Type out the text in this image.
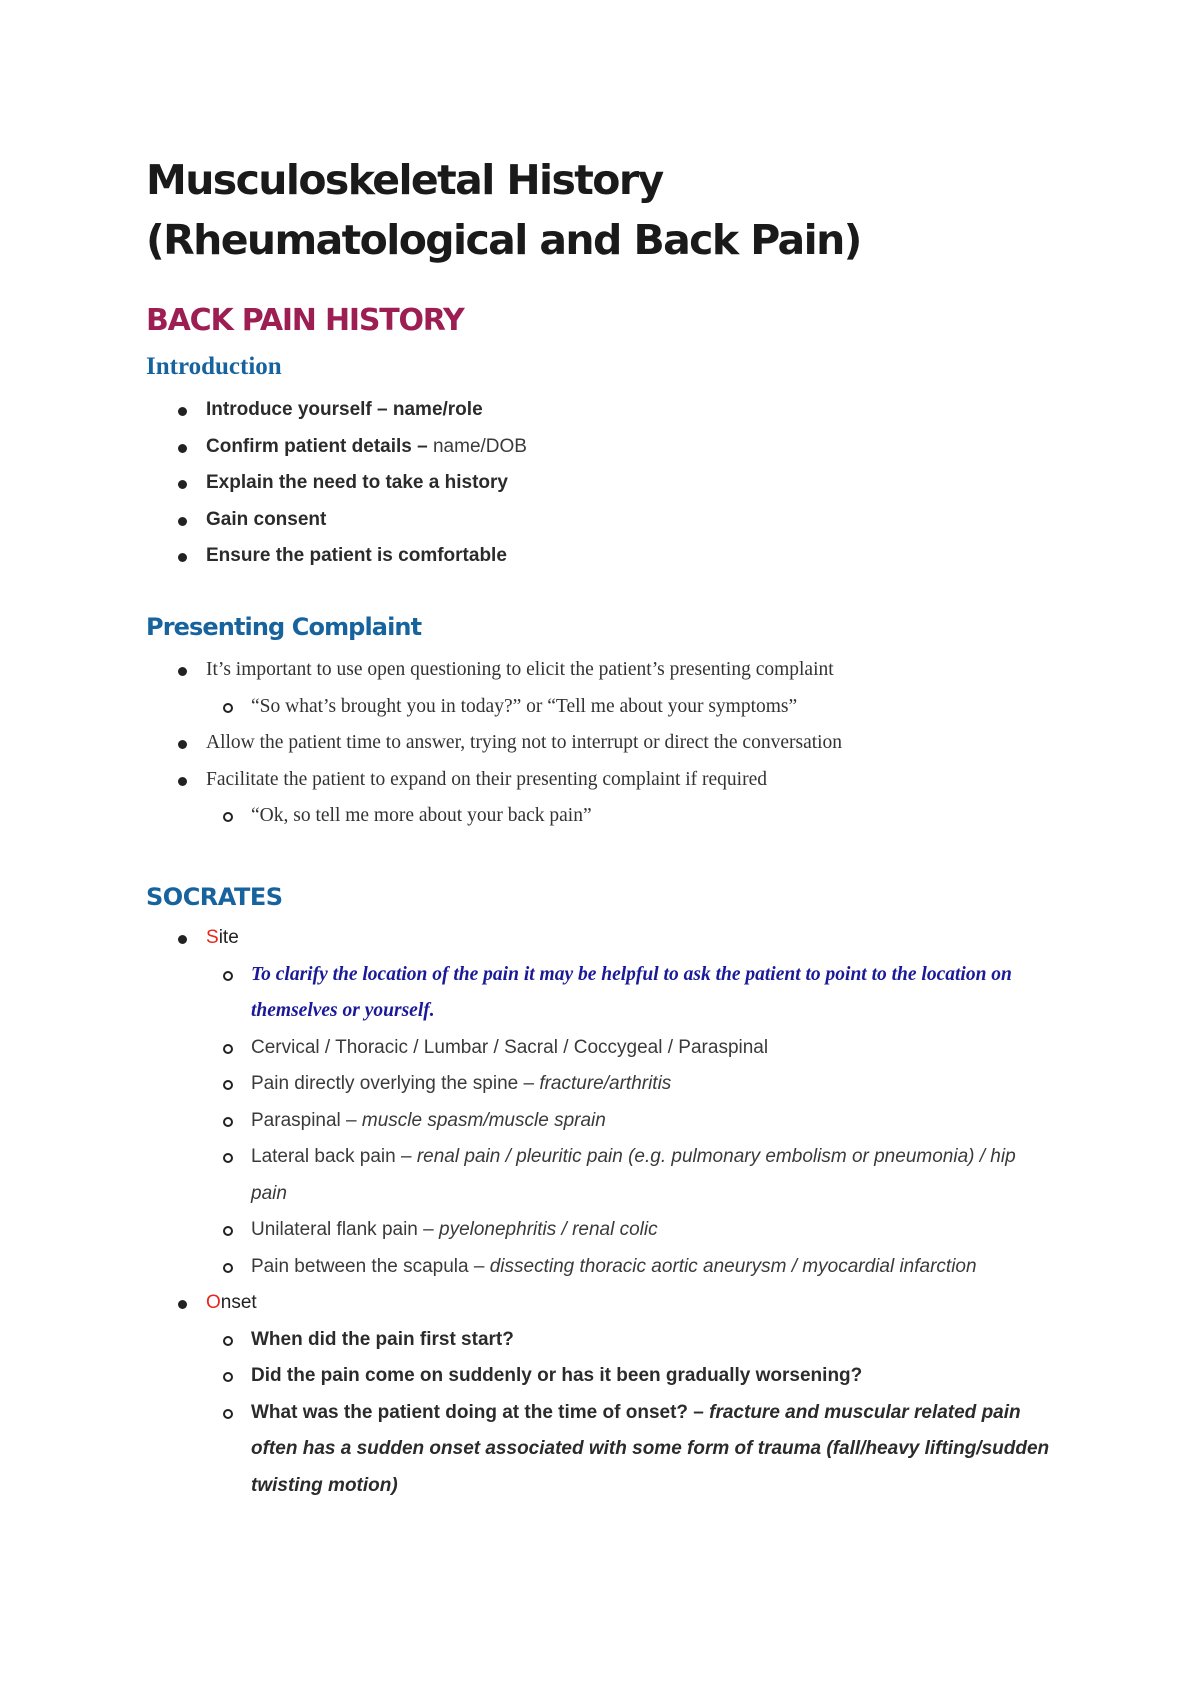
Musculoskeletal History
(Rheumatological and Back Pain)
BACK PAIN HISTORY
Introduction
Introduce yourself – name/role
Confirm patient details – name/DOB
Explain the need to take a history
Gain consent
Ensure the patient is comfortable
Presenting Complaint
It’s important to use open questioning to elicit the patient’s presenting complaint
“So what’s brought you in today?” or “Tell me about your symptoms”
Allow the patient time to answer, trying not to interrupt or direct the conversation
Facilitate the patient to expand on their presenting complaint if required
“Ok, so tell me more about your back pain”
SOCRATES
Site
To clarify the location of the pain it may be helpful to ask the patient to point to the location on themselves or yourself.
Cervical / Thoracic / Lumbar / Sacral / Coccygeal / Paraspinal
Pain directly overlying the spine – fracture/arthritis
Paraspinal – muscle spasm/muscle sprain
Lateral back pain – renal pain / pleuritic pain (e.g. pulmonary embolism or pneumonia) / hip pain
Unilateral flank pain – pyelonephritis / renal colic
Pain between the scapula – dissecting thoracic aortic aneurysm / myocardial infarction
Onset
When did the pain first start?
Did the pain come on suddenly or has it been gradually worsening?
What was the patient doing at the time of onset? – fracture and muscular related pain often has a sudden onset associated with some form of trauma (fall/heavy lifting/sudden twisting motion)
